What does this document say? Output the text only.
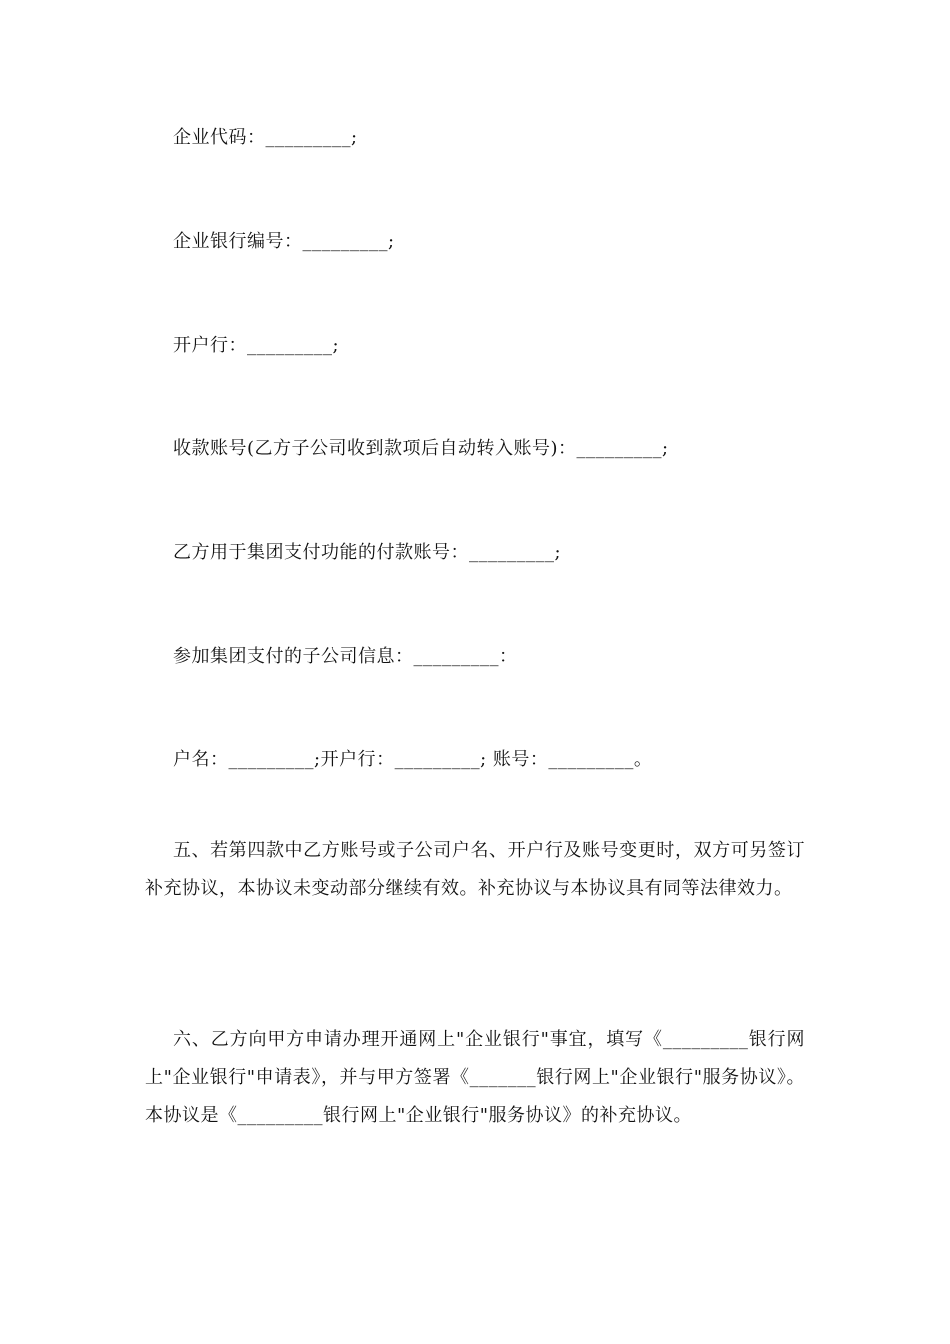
企业代码：_________;
企业银行编号：_________;
开户行：_________;
收款账号(乙方子公司收到款项后自动转入账号)：_________;
乙方用于集团支付功能的付款账号：_________;
参加集团支付的子公司信息：_________：
户名：_________;开户行：_________; 账号：_________。

五、若第四款中乙方账号或子公司户名、开户行及账号变更时，双方可另签订补充协议，本协议未变动部分继续有效。补充协议与本协议具有同等法律效力。

六、乙方向甲方申请办理开通网上"企业银行"事宜，填写《_________银行网上"企业银行"申请表》，并与甲方签署《_______银行网上"企业银行"服务协议》。本协议是《_________银行网上"企业银行"服务协议》的补充协议。
